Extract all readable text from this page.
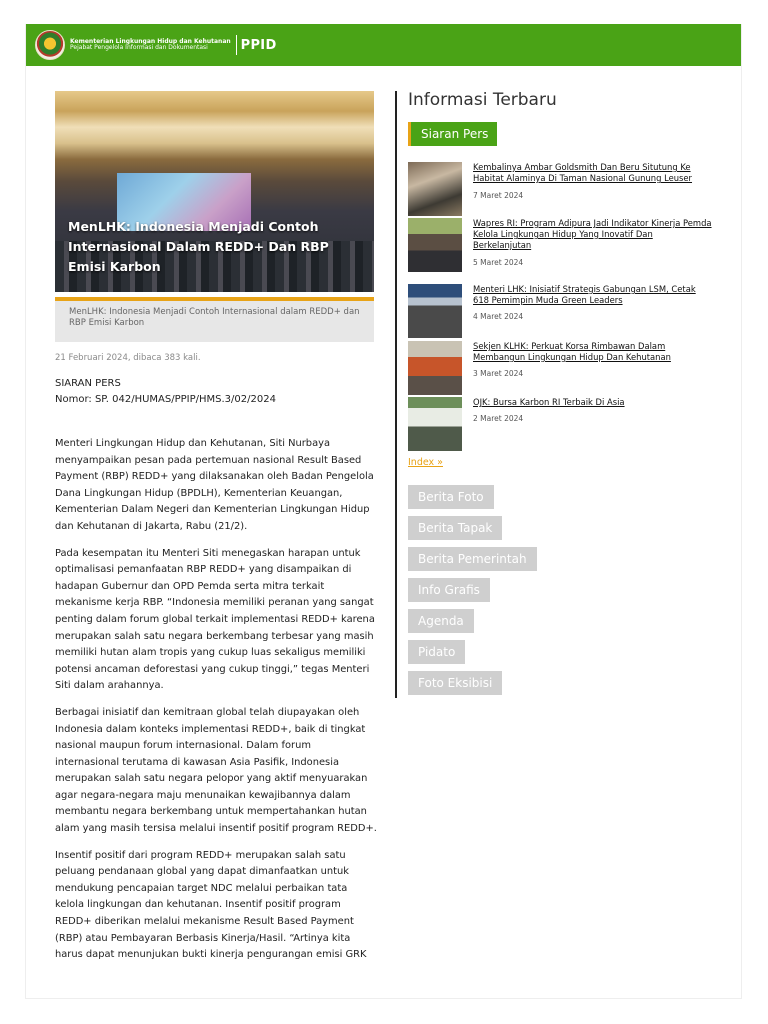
Kementerian Lingkungan Hidup dan Kehutanan
Pejabat Pengelola Informasi dan Dokumentasi	PPID
MenLHK: Indonesia Menjadi Contoh Internasional Dalam REDD+ Dan RBP Emisi Karbon
MenLHK: Indonesia Menjadi Contoh Internasional dalam REDD+ dan RBP Emisi Karbon
21 Februari 2024, dibaca 383 kali.
SIARAN PERS
Nomor: SP. 042/HUMAS/PPIP/HMS.3/02/2024

Menteri Lingkungan Hidup dan Kehutanan, Siti Nurbaya menyampaikan pesan pada pertemuan nasional Result Based Payment (RBP) REDD+ yang dilaksanakan oleh Badan Pengelola Dana Lingkungan Hidup (BPDLH), Kementerian Keuangan, Kementerian Dalam Negeri dan Kementerian Lingkungan Hidup dan Kehutanan di Jakarta, Rabu (21/2).

Pada kesempatan itu Menteri Siti menegaskan harapan untuk optimalisasi pemanfaatan RBP REDD+ yang disampaikan di hadapan Gubernur dan OPD Pemda serta mitra terkait mekanisme kerja RBP. “Indonesia memiliki peranan yang sangat penting dalam forum global terkait implementasi REDD+ karena merupakan salah satu negara berkembang terbesar yang masih memiliki hutan alam tropis yang cukup luas sekaligus memiliki potensi ancaman deforestasi yang cukup tinggi,” tegas Menteri Siti dalam arahannya.

Berbagai inisiatif dan kemitraan global telah diupayakan oleh Indonesia dalam konteks implementasi REDD+, baik di tingkat nasional maupun forum internasional. Dalam forum internasional terutama di kawasan Asia Pasifik, Indonesia merupakan salah satu negara pelopor yang aktif menyuarakan agar negara-negara maju menunaikan kewajibannya dalam membantu negara berkembang untuk mempertahankan hutan alam yang masih tersisa melalui insentif positif program REDD+.

Insentif positif dari program REDD+ merupakan salah satu peluang pendanaan global yang dapat dimanfaatkan untuk mendukung pencapaian target NDC melalui perbaikan tata kelola lingkungan dan kehutanan. Insentif positif program REDD+ diberikan melalui mekanisme Result Based Payment (RBP) atau Pembayaran Berbasis Kinerja/Hasil. “Artinya kita harus dapat menunjukan bukti kinerja pengurangan emisi GRK

Informasi Terbaru
Siaran Pers
Kembalinya Ambar Goldsmith Dan Beru Situtung Ke Habitat Alaminya Di Taman Nasional Gunung Leuser
7 Maret 2024
Wapres RI: Program Adipura Jadi Indikator Kinerja Pemda Kelola Lingkungan Hidup Yang Inovatif Dan Berkelanjutan
5 Maret 2024
Menteri LHK: Inisiatif Strategis Gabungan LSM, Cetak 618 Pemimpin Muda Green Leaders
4 Maret 2024
Sekjen KLHK: Perkuat Korsa Rimbawan Dalam Membangun Lingkungan Hidup Dan Kehutanan
3 Maret 2024
OJK: Bursa Karbon RI Terbaik Di Asia
2 Maret 2024
Index »
Berita Foto
Berita Tapak
Berita Pemerintah
Info Grafis
Agenda
Pidato
Foto Eksibisi
